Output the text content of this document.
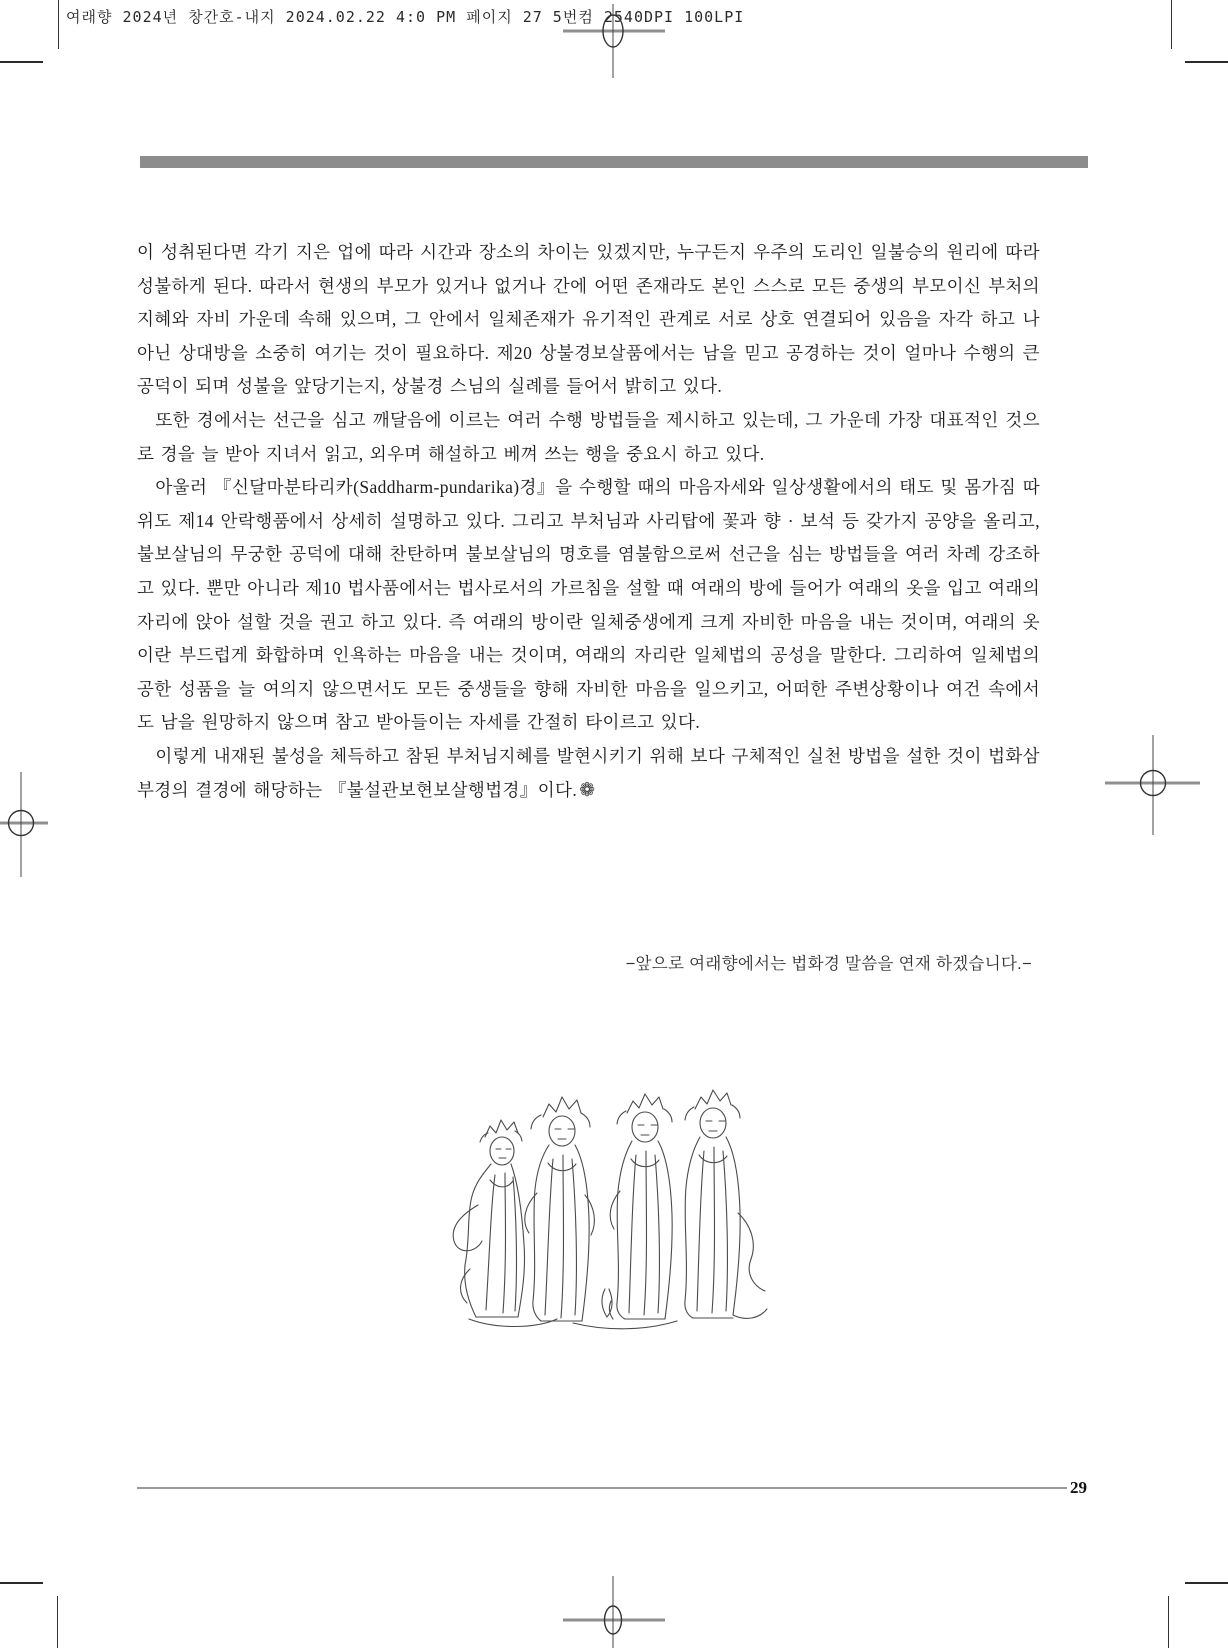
여래향 2024년 창간호-내지 2024.02.22 4:0 PM 페이지 27 5번컴 2540DPI 100LPI

이 성취된다면 각기 지은 업에 따라 시간과 장소의 차이는 있겠지만, 누구든지 우주의 도리인 일불승의 원리에 따라 성불하게 된다. 따라서 현생의 부모가 있거나 없거나 간에 어떤 존재라도 본인 스스로 모든 중생의 부모이신 부처의 지혜와 자비 가운데 속해 있으며, 그 안에서 일체존재가 유기적인 관계로 서로 상호 연결되어 있음을 자각 하고 나 아닌 상대방을 소중히 여기는 것이 필요하다. 제20 상불경보살품에서는 남을 믿고 공경하는 것이 얼마나 수행의 큰 공덕이 되며 성불을 앞당기는지, 상불경 스님의 실례를 들어서 밝히고 있다.

또한 경에서는 선근을 심고 깨달음에 이르는 여러 수행 방법들을 제시하고 있는데, 그 가운데 가장 대표적인 것으로 경을 늘 받아 지녀서 읽고, 외우며 해설하고 베껴 쓰는 행을 중요시 하고 있다.

아울러 『신달마분타리카(Saddharm-pundarika)경』을 수행할 때의 마음자세와 일상생활에서의 태도 및 몸가짐 따위도 제14 안락행품에서 상세히 설명하고 있다. 그리고 부처님과 사리탑에 꽃과 향 · 보석 등 갖가지 공양을 올리고, 불보살님의 무궁한 공덕에 대해 찬탄하며 불보살님의 명호를 염불함으로써 선근을 심는 방법들을 여러 차례 강조하고 있다. 뿐만 아니라 제10 법사품에서는 법사로서의 가르침을 설할 때 여래의 방에 들어가 여래의 옷을 입고 여래의 자리에 앉아 설할 것을 권고 하고 있다. 즉 여래의 방이란 일체중생에게 크게 자비한 마음을 내는 것이며, 여래의 옷이란 부드럽게 화합하며 인욕하는 마음을 내는 것이며, 여래의 자리란 일체법의 공성을 말한다. 그리하여 일체법의 공한 성품을 늘 여의지 않으면서도 모든 중생들을 향해 자비한 마음을 일으키고, 어떠한 주변상황이나 여건 속에서도 남을 원망하지 않으며 참고 받아들이는 자세를 간절히 타이르고 있다.

이렇게 내재된 불성을 체득하고 참된 부처님지혜를 발현시키기 위해 보다 구체적인 실천 방법을 설한 것이 법화삼부경의 결경에 해당하는 『불설관보현보살행법경』이다. ❁

−앞으로 여래향에서는 법화경 말씀을 연재 하겠습니다.−
29
